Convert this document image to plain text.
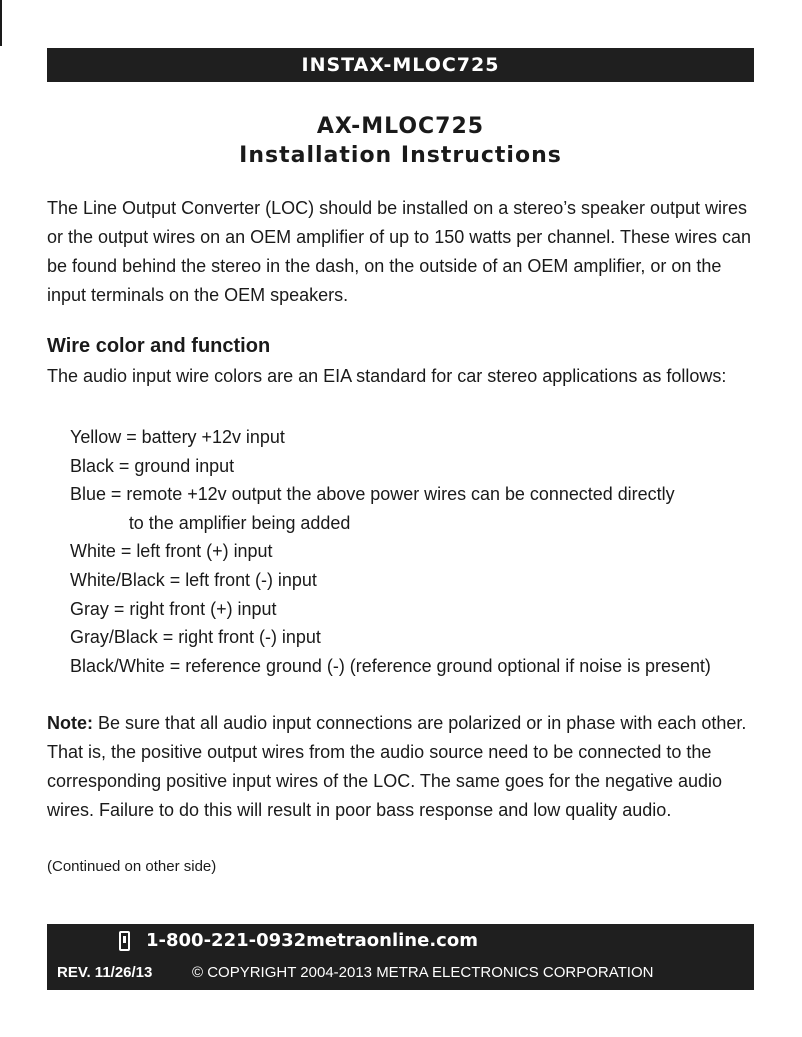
INSTAX-MLOC725
AX-MLOC725
Installation Instructions
The Line Output Converter (LOC) should be installed on a stereo’s speaker output wires or the output wires on an OEM amplifier of up to 150 watts per channel. These wires can be found behind the stereo in the dash, on the outside of an OEM amplifier, or on the input terminals on the OEM speakers.
Wire color and function
The audio input wire colors are an EIA standard for car stereo applications as follows:
Yellow = battery +12v input
Black = ground input
Blue = remote +12v output the above power wires can be connected directly
to the amplifier being added
White = left front (+) input
White/Black = left front (-) input
Gray = right front (+) input
Gray/Black = right front (-) input
Black/White = reference ground (-) (reference ground optional if noise is present)
Note: Be sure that all audio input connections are polarized or in phase with each other. That is, the positive output wires from the audio source need to be connected to the corresponding positive input wires of the LOC. The same goes for the negative audio wires. Failure to do this will result in poor bass response and low quality audio.
(Continued on other side)
1-800-221-0932metraonline.com
REV. 11/26/13	© COPYRIGHT 2004-2013 METRA ELECTRONICS CORPORATION
